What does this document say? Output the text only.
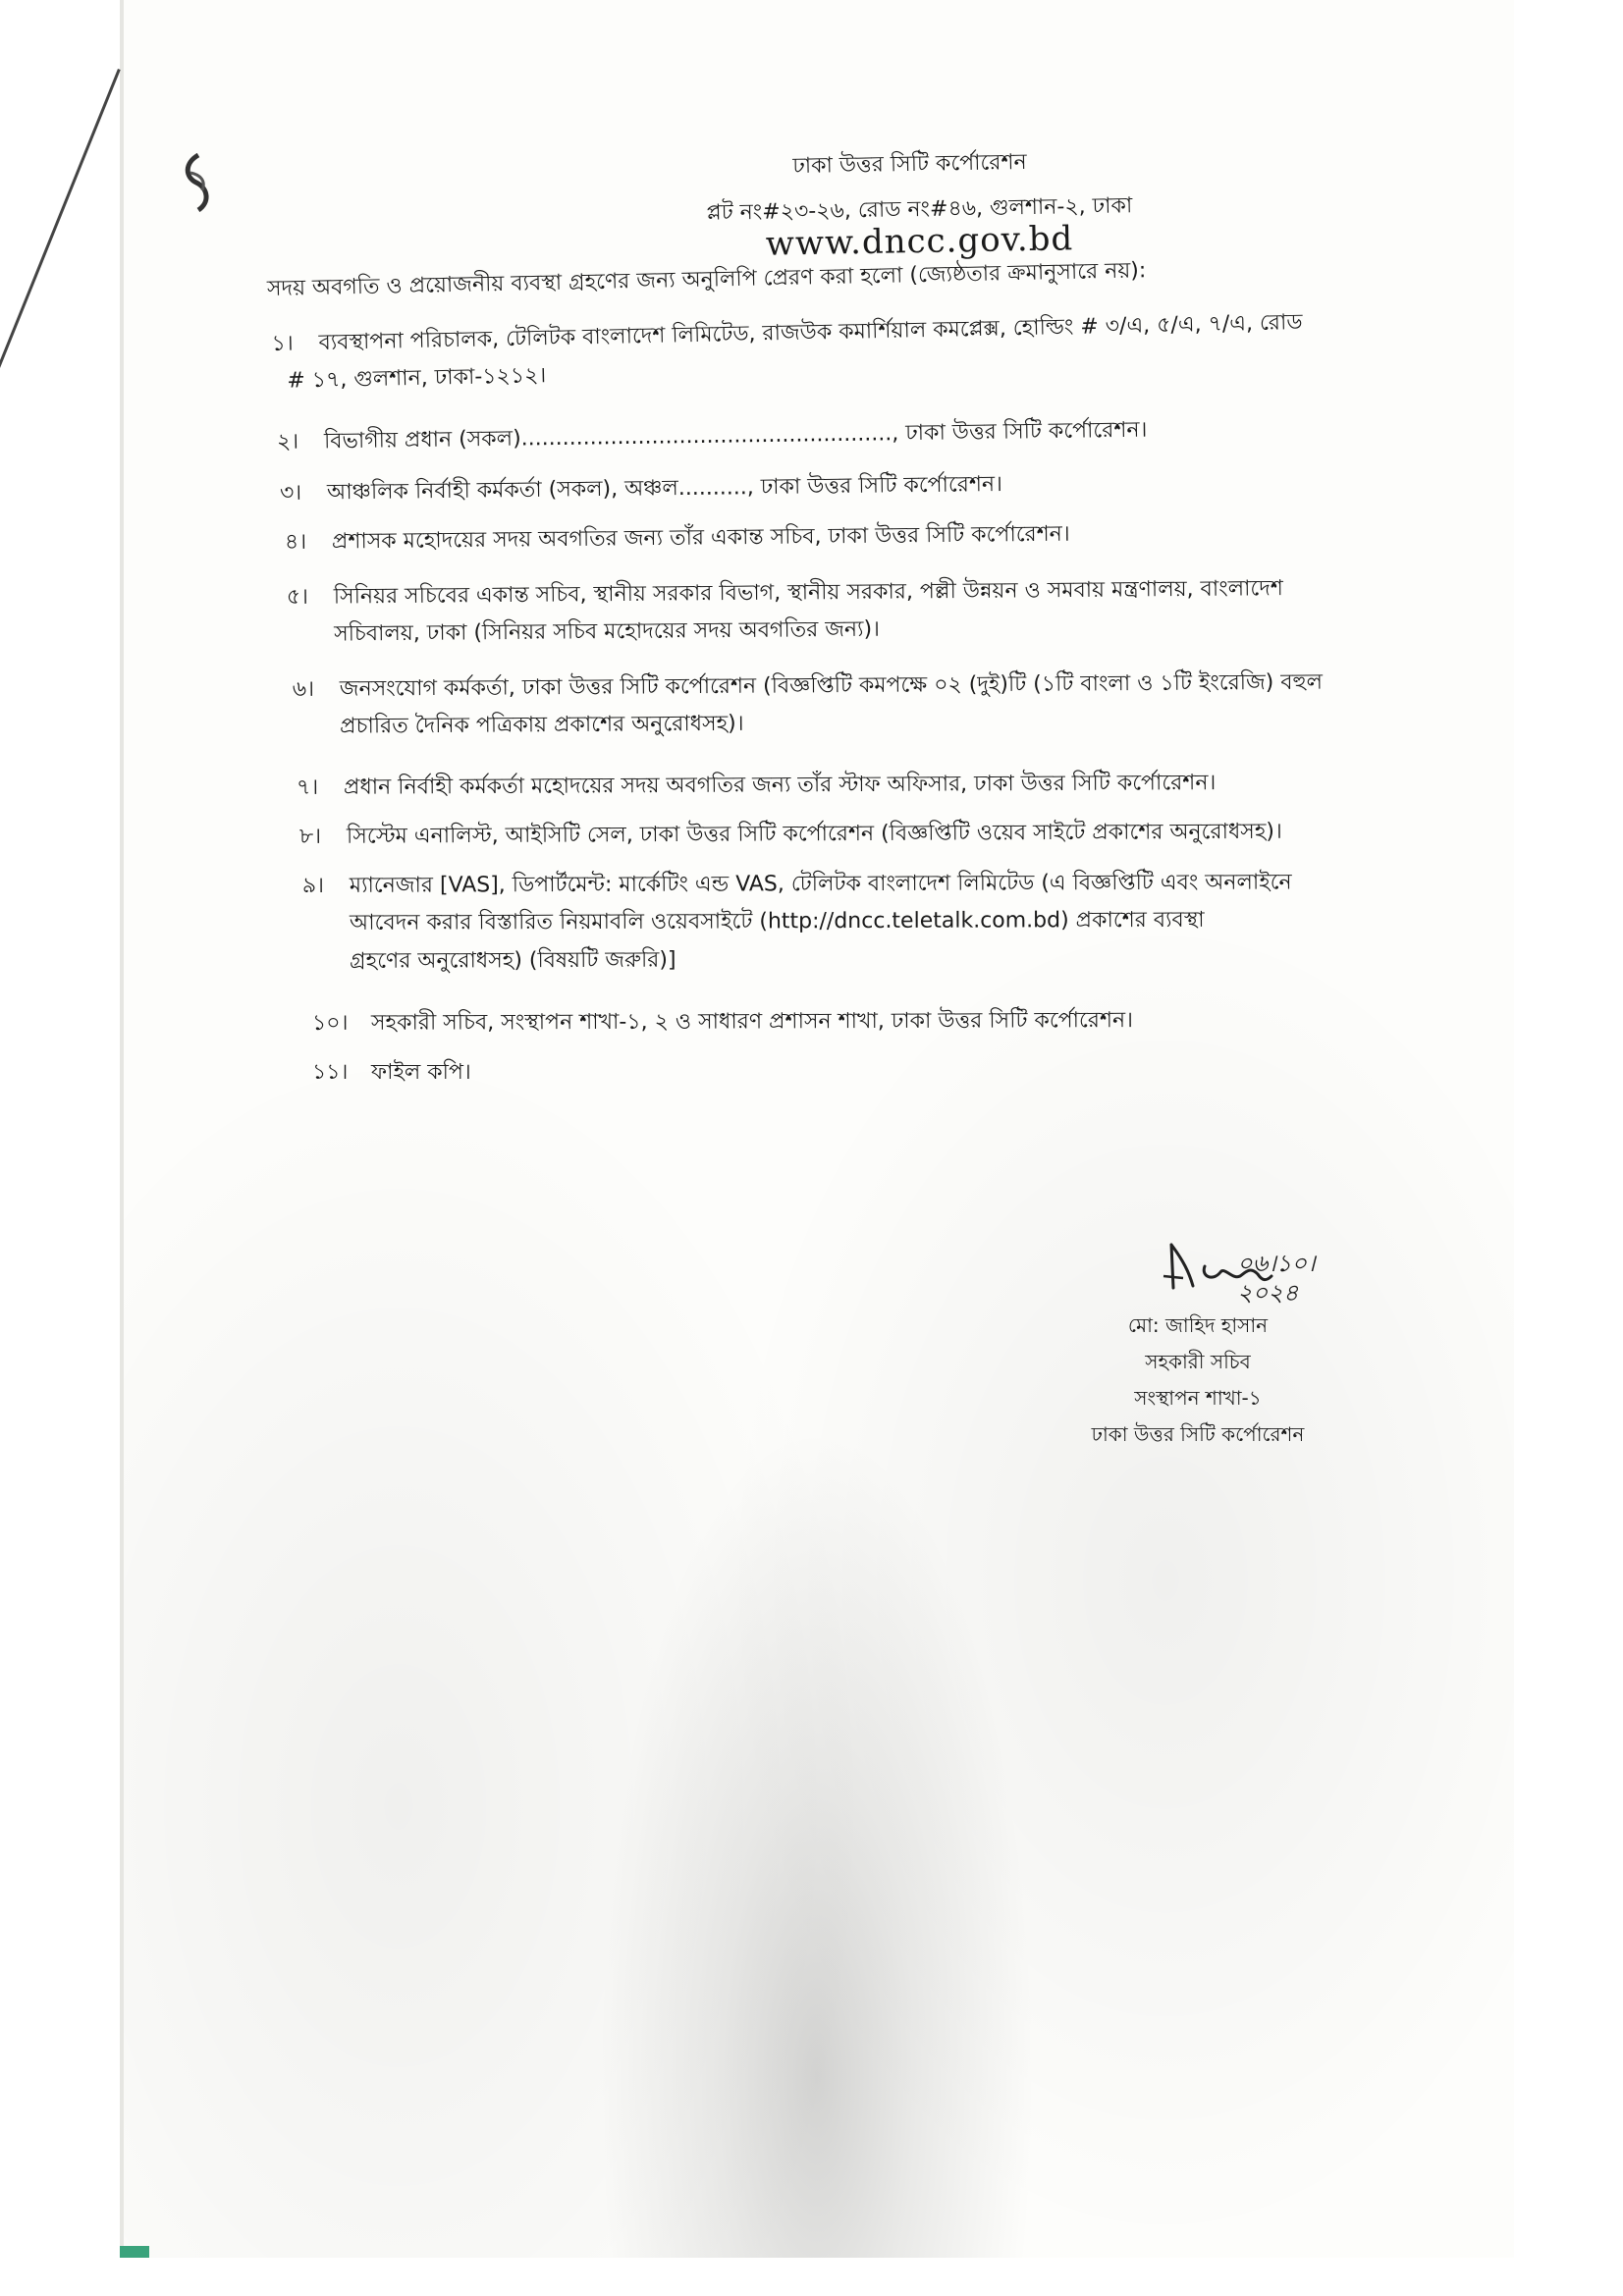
ঢাকা উত্তর সিটি কর্পোরেশন
প্লট নং#২৩-২৬, রোড নং#৪৬, গুলশান-২, ঢাকা
www.dncc.gov.bd
সদয় অবগতি ও প্রয়োজনীয় ব্যবস্থা গ্রহণের জন্য অনুলিপি প্রেরণ করা হলো (জ্যেষ্ঠতার ক্রমানুসারে নয়):
১। ব্যবস্থাপনা পরিচালক, টেলিটক বাংলাদেশ লিমিটেড, রাজউক কমার্শিয়াল কমপ্লেক্স, হোল্ডিং # ৩/এ, ৫/এ, ৭/এ, রোড
# ১৭, গুলশান, ঢাকা-১২১২।
২। বিভাগীয় প্রধান (সকল)......................................................, ঢাকা উত্তর সিটি কর্পোরেশন।
৩। আঞ্চলিক নির্বাহী কর্মকর্তা (সকল), অঞ্চল.........., ঢাকা উত্তর সিটি কর্পোরেশন।
৪। প্রশাসক মহোদয়ের সদয় অবগতির জন্য তাঁর একান্ত সচিব, ঢাকা উত্তর সিটি কর্পোরেশন।
৫। সিনিয়র সচিবের একান্ত সচিব, স্থানীয় সরকার বিভাগ, স্থানীয় সরকার, পল্লী উন্নয়ন ও সমবায় মন্ত্রণালয়, বাংলাদেশ
সচিবালয়, ঢাকা (সিনিয়র সচিব মহোদয়ের সদয় অবগতির জন্য)।
৬। জনসংযোগ কর্মকর্তা, ঢাকা উত্তর সিটি কর্পোরেশন (বিজ্ঞপ্তিটি কমপক্ষে ০২ (দুই)টি (১টি বাংলা ও ১টি ইংরেজি) বহুল
প্রচারিত দৈনিক পত্রিকায় প্রকাশের অনুরোধসহ)।
৭। প্রধান নির্বাহী কর্মকর্তা মহোদয়ের সদয় অবগতির জন্য তাঁর স্টাফ অফিসার, ঢাকা উত্তর সিটি কর্পোরেশন।
৮। সিস্টেম এনালিস্ট, আইসিটি সেল, ঢাকা উত্তর সিটি কর্পোরেশন (বিজ্ঞপ্তিটি ওয়েব সাইটে প্রকাশের অনুরোধসহ)।
৯। ম্যানেজার [VAS], ডিপার্টমেন্ট: মার্কেটিং এন্ড VAS, টেলিটক বাংলাদেশ লিমিটেড (এ বিজ্ঞপ্তিটি এবং অনলাইনে
আবেদন করার বিস্তারিত নিয়মাবলি ওয়েবসাইটে (http://dncc.teletalk.com.bd) প্রকাশের ব্যবস্থা
গ্রহণের অনুরোধসহ) (বিষয়টি জরুরি)]
১০। সহকারী সচিব, সংস্থাপন শাখা-১, ২ ও সাধারণ প্রশাসন শাখা, ঢাকা উত্তর সিটি কর্পোরেশন।
১১। ফাইল কপি।
০৬।১০।২০২৪
মো: জাহিদ হাসান
সহকারী সচিব
সংস্থাপন শাখা-১
ঢাকা উত্তর সিটি কর্পোরেশন
